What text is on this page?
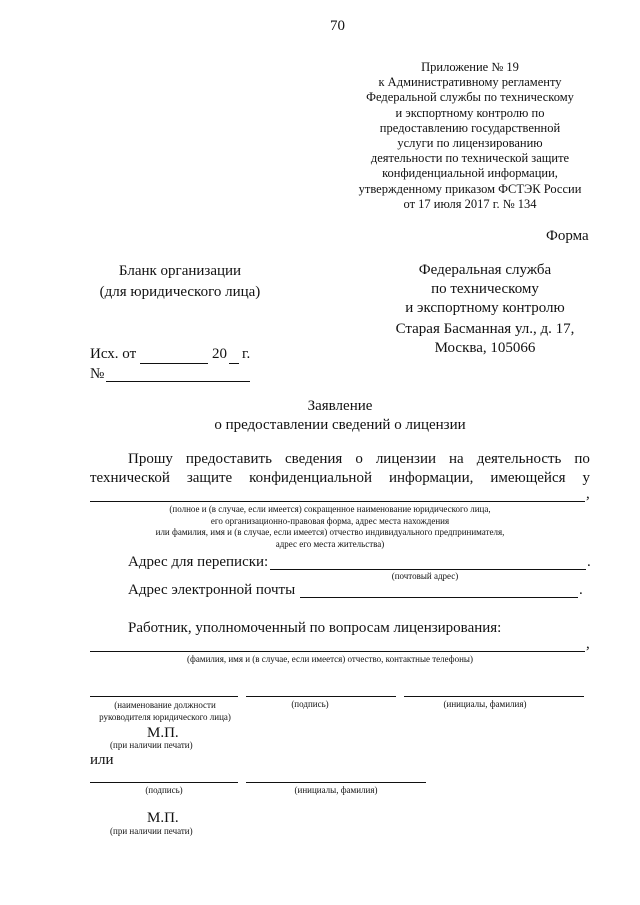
70
Приложение № 19
к Административному регламенту
Федеральной службы по техническому
и экспортному контролю по
предоставлению государственной
услуги по лицензированию
деятельности по технической защите
конфиденциальной информации,
утвержденному приказом ФСТЭК России
от 17 июля 2017 г. № 134
Форма
Бланк организации
(для юридического лица)
Федеральная служба
по техническому
и экспортному контролю
Старая Басманная ул., д. 17,
Москва, 105066
Исх. от	20 г.
№
Заявление
о предоставлении сведений о лицензии
Прошу предоставить сведения о лицензии на деятельность по
технической защите конфиденциальной информации, имеющейся у
,
(полное и (в случае, если имеется) сокращенное наименование юридического лица,
его организационно-правовая форма, адрес места нахождения
или фамилия, имя и (в случае, если имеется) отчество индивидуального предпринимателя,
адрес его места жительства)
Адрес для переписки:	.
(почтовый адрес)
Адрес электронной почты	.
Работник, уполномоченный по вопросам лицензирования:
,
(фамилия, имя и (в случае, если имеется) отчество, контактные телефоны)
(наименование должности
руководителя юридического лица)
(подпись)	(инициалы, фамилия)
М.П.
(при наличии печати)
или
(подпись)	(инициалы, фамилия)
М.П.
(при наличии печати)
